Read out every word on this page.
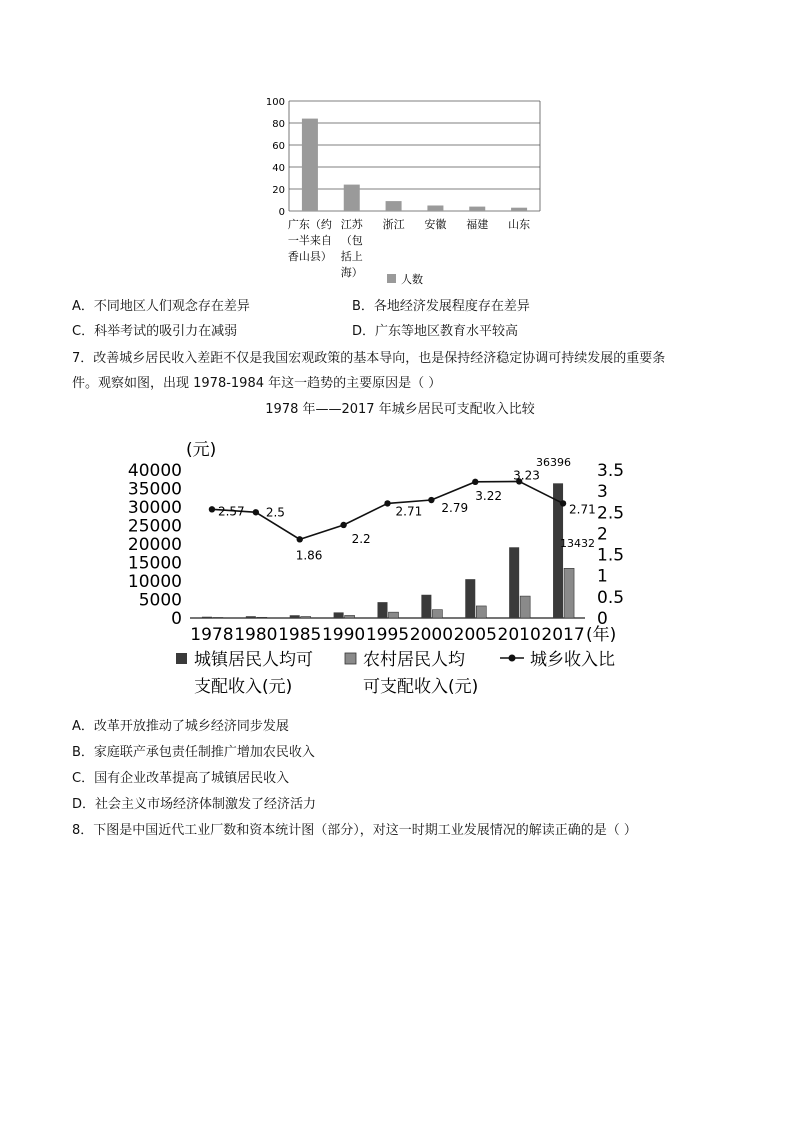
0
20
40
60
80
100
广东（约
一半来自
香山县）
江苏
（包
括上
海）
浙江 安徽 福建 山东
人数
A．不同地区人们观念存在差异	B．各地经济发展程度存在差异
C．科举考试的吸引力在减弱	D．广东等地区教育水平较高
7．改善城乡居民收入差距不仅是我国宏观政策的基本导向，也是保持经济稳定协调可持续发展的重要条
件。观察如图，出现 1978-1984 年这一趋势的主要原因是（ ）
1978 年——2017 年城乡居民可支配收入比较
(元)
0
5000
10000
15000
20000
25000
30000
35000
40000
0
0.5
1
1.5
2
2.5
3
3.5
2.57 2.5
1.86
2.2
2.71 2.79
3.22
3.23
2.71
1978 1980 1985 1990 1995 2000 2005 2010 2017 (年)
36396
13432
城镇居民人均可
支配收入(元)
农村居民人均
可支配收入(元)
城乡收入比
A．改革开放推动了城乡经济同步发展
B．家庭联产承包责任制推广增加农民收入
C．国有企业改革提高了城镇居民收入
D．社会主义市场经济体制激发了经济活力
8．下图是中国近代工业厂数和资本统计图（部分），对这一时期工业发展情况的解读正确的是（ ）
